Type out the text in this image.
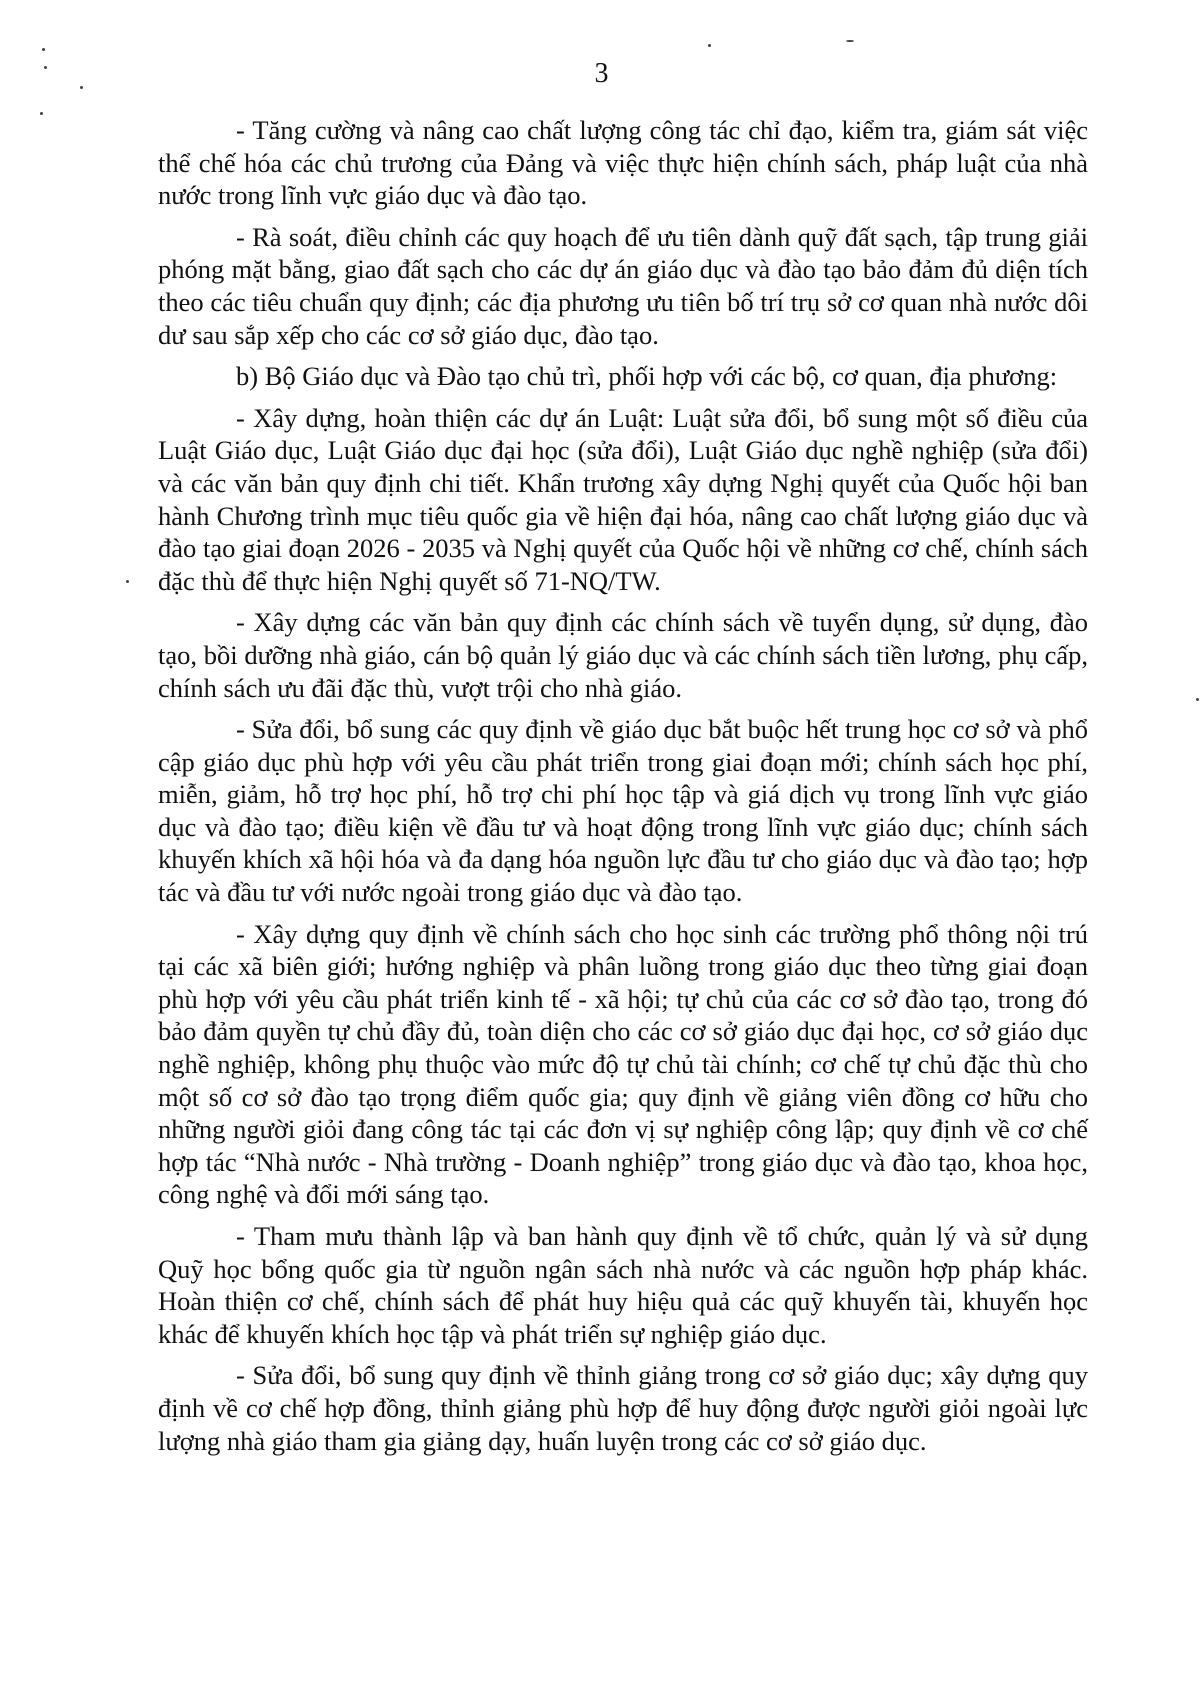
3

- Tăng cường và nâng cao chất lượng công tác chỉ đạo, kiểm tra, giám sát việc thể chế hóa các chủ trương của Đảng và việc thực hiện chính sách, pháp luật của nhà nước trong lĩnh vực giáo dục và đào tạo.

- Rà soát, điều chỉnh các quy hoạch để ưu tiên dành quỹ đất sạch, tập trung giải phóng mặt bằng, giao đất sạch cho các dự án giáo dục và đào tạo bảo đảm đủ diện tích theo các tiêu chuẩn quy định; các địa phương ưu tiên bố trí trụ sở cơ quan nhà nước dôi dư sau sắp xếp cho các cơ sở giáo dục, đào tạo.

b) Bộ Giáo dục và Đào tạo chủ trì, phối hợp với các bộ, cơ quan, địa phương:

- Xây dựng, hoàn thiện các dự án Luật: Luật sửa đổi, bổ sung một số điều của Luật Giáo dục, Luật Giáo dục đại học (sửa đổi), Luật Giáo dục nghề nghiệp (sửa đổi) và các văn bản quy định chi tiết. Khẩn trương xây dựng Nghị quyết của Quốc hội ban hành Chương trình mục tiêu quốc gia về hiện đại hóa, nâng cao chất lượng giáo dục và đào tạo giai đoạn 2026 - 2035 và Nghị quyết của Quốc hội về những cơ chế, chính sách đặc thù để thực hiện Nghị quyết số 71-NQ/TW.

- Xây dựng các văn bản quy định các chính sách về tuyển dụng, sử dụng, đào tạo, bồi dưỡng nhà giáo, cán bộ quản lý giáo dục và các chính sách tiền lương, phụ cấp, chính sách ưu đãi đặc thù, vượt trội cho nhà giáo.

- Sửa đổi, bổ sung các quy định về giáo dục bắt buộc hết trung học cơ sở và phổ cập giáo dục phù hợp với yêu cầu phát triển trong giai đoạn mới; chính sách học phí, miễn, giảm, hỗ trợ học phí, hỗ trợ chi phí học tập và giá dịch vụ trong lĩnh vực giáo dục và đào tạo; điều kiện về đầu tư và hoạt động trong lĩnh vực giáo dục; chính sách khuyến khích xã hội hóa và đa dạng hóa nguồn lực đầu tư cho giáo dục và đào tạo; hợp tác và đầu tư với nước ngoài trong giáo dục và đào tạo.

- Xây dựng quy định về chính sách cho học sinh các trường phổ thông nội trú tại các xã biên giới; hướng nghiệp và phân luồng trong giáo dục theo từng giai đoạn phù hợp với yêu cầu phát triển kinh tế - xã hội; tự chủ của các cơ sở đào tạo, trong đó bảo đảm quyền tự chủ đầy đủ, toàn diện cho các cơ sở giáo dục đại học, cơ sở giáo dục nghề nghiệp, không phụ thuộc vào mức độ tự chủ tài chính; cơ chế tự chủ đặc thù cho một số cơ sở đào tạo trọng điểm quốc gia; quy định về giảng viên đồng cơ hữu cho những người giỏi đang công tác tại các đơn vị sự nghiệp công lập; quy định về cơ chế hợp tác “Nhà nước - Nhà trường - Doanh nghiệp” trong giáo dục và đào tạo, khoa học, công nghệ và đổi mới sáng tạo.

- Tham mưu thành lập và ban hành quy định về tổ chức, quản lý và sử dụng Quỹ học bổng quốc gia từ nguồn ngân sách nhà nước và các nguồn hợp pháp khác. Hoàn thiện cơ chế, chính sách để phát huy hiệu quả các quỹ khuyến tài, khuyến học khác để khuyến khích học tập và phát triển sự nghiệp giáo dục.

- Sửa đổi, bổ sung quy định về thỉnh giảng trong cơ sở giáo dục; xây dựng quy định về cơ chế hợp đồng, thỉnh giảng phù hợp để huy động được người giỏi ngoài lực lượng nhà giáo tham gia giảng dạy, huấn luyện trong các cơ sở giáo dục.
